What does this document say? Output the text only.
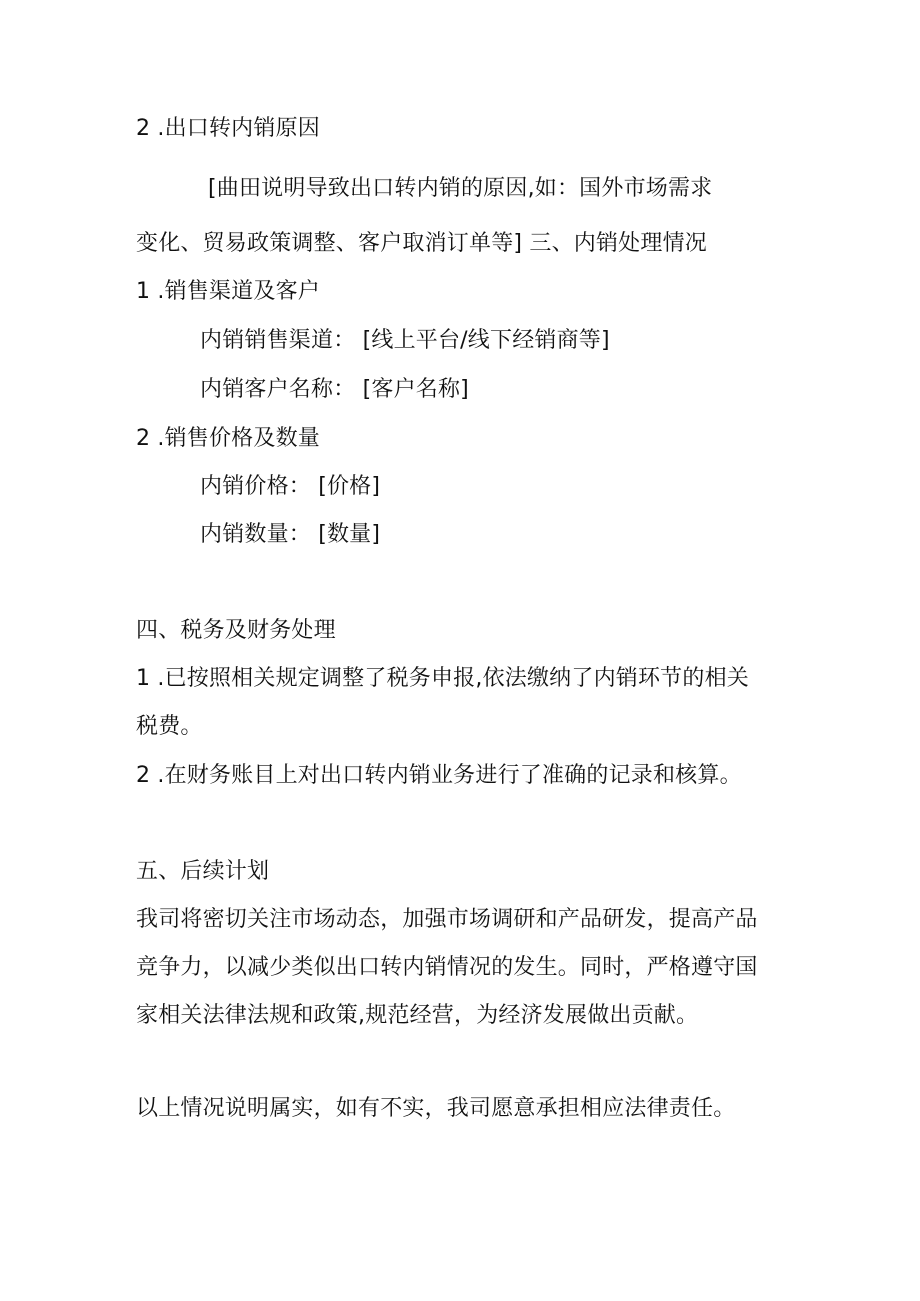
2 .出口转内销原因
[曲田说明导致出口转内销的原因,如：国外市场需求
变化、贸易政策调整、客户取消订单等] 三、内销处理情况
1 .销售渠道及客户
内销销售渠道： [线上平台/线下经销商等]
内销客户名称： [客户名称]
2 .销售价格及数量
内销价格： [价格]
内销数量： [数量]
四、税务及财务处理
1 .已按照相关规定调整了税务申报,依法缴纳了内销环节的相关
税费。
2 .在财务账目上对出口转内销业务进行了准确的记录和核算。
五、后续计划
我司将密切关注市场动态，加强市场调研和产品研发，提高产品
竞争力，以减少类似出口转内销情况的发生。同时，严格遵守国
家相关法律法规和政策,规范经营，为经济发展做出贡献。
以上情况说明属实，如有不实，我司愿意承担相应法律责任。
